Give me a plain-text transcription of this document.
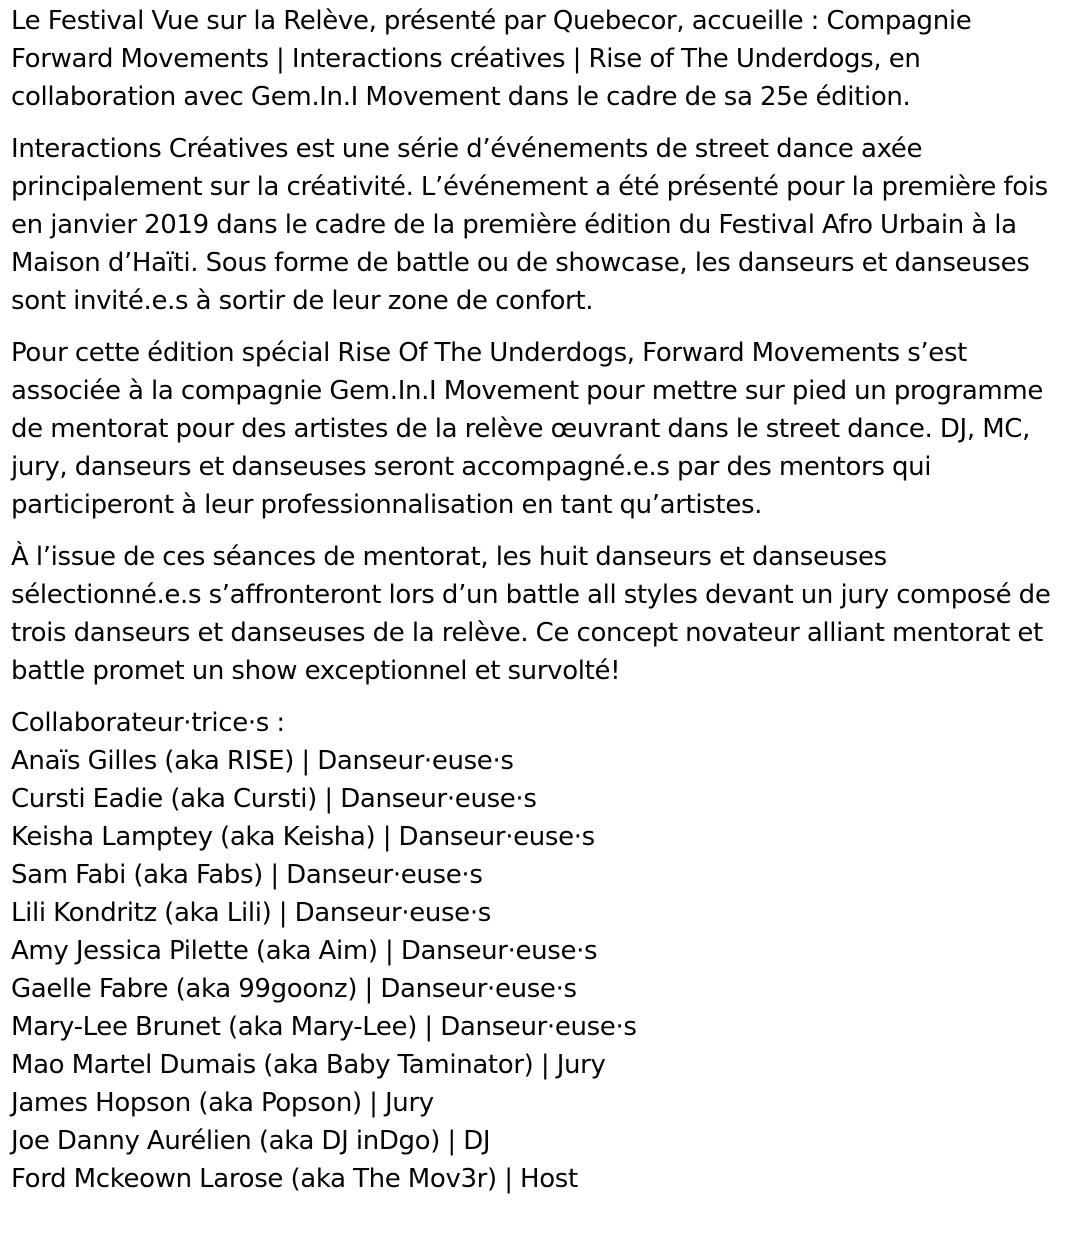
Le Festival Vue sur la Relève, présenté par Quebecor, accueille : Compagnie Forward Movements | Interactions créatives | Rise of The Underdogs, en collaboration avec Gem.In.I Movement dans le cadre de sa 25e édition.

Interactions Créatives est une série d’événements de street dance axée principalement sur la créativité. L’événement a été présenté pour la première fois en janvier 2019 dans le cadre de la première édition du Festival Afro Urbain à la Maison d’Haïti. Sous forme de battle ou de showcase, les danseurs et danseuses sont invité.e.s à sortir de leur zone de confort.

Pour cette édition spécial Rise Of The Underdogs, Forward Movements s’est associée à la compagnie Gem.In.I Movement pour mettre sur pied un programme de mentorat pour des artistes de la relève œuvrant dans le street dance. DJ, MC, jury, danseurs et danseuses seront accompagné.e.s par des mentors qui participeront à leur professionnalisation en tant qu’artistes.

À l’issue de ces séances de mentorat, les huit danseurs et danseuses sélectionné.e.s s’affronteront lors d’un battle all styles devant un jury composé de trois danseurs et danseuses de la relève. Ce concept novateur alliant mentorat et battle promet un show exceptionnel et survolté!

Collaborateur·trice·s :

Anaïs Gilles (aka RISE) | Danseur·euse·s

Cursti Eadie (aka Cursti) | Danseur·euse·s

Keisha Lamptey (aka Keisha) | Danseur·euse·s

Sam Fabi (aka Fabs) | Danseur·euse·s

Lili Kondritz (aka Lili) | Danseur·euse·s

Amy Jessica Pilette (aka Aim) | Danseur·euse·s

Gaelle Fabre (aka 99goonz) | Danseur·euse·s

Mary-Lee Brunet (aka Mary-Lee) | Danseur·euse·s

Mao Martel Dumais (aka Baby Taminator) | Jury

James Hopson (aka Popson) | Jury

Joe Danny Aurélien (aka DJ inDgo) | DJ

Ford Mckeown Larose (aka The Mov3r) | Host
